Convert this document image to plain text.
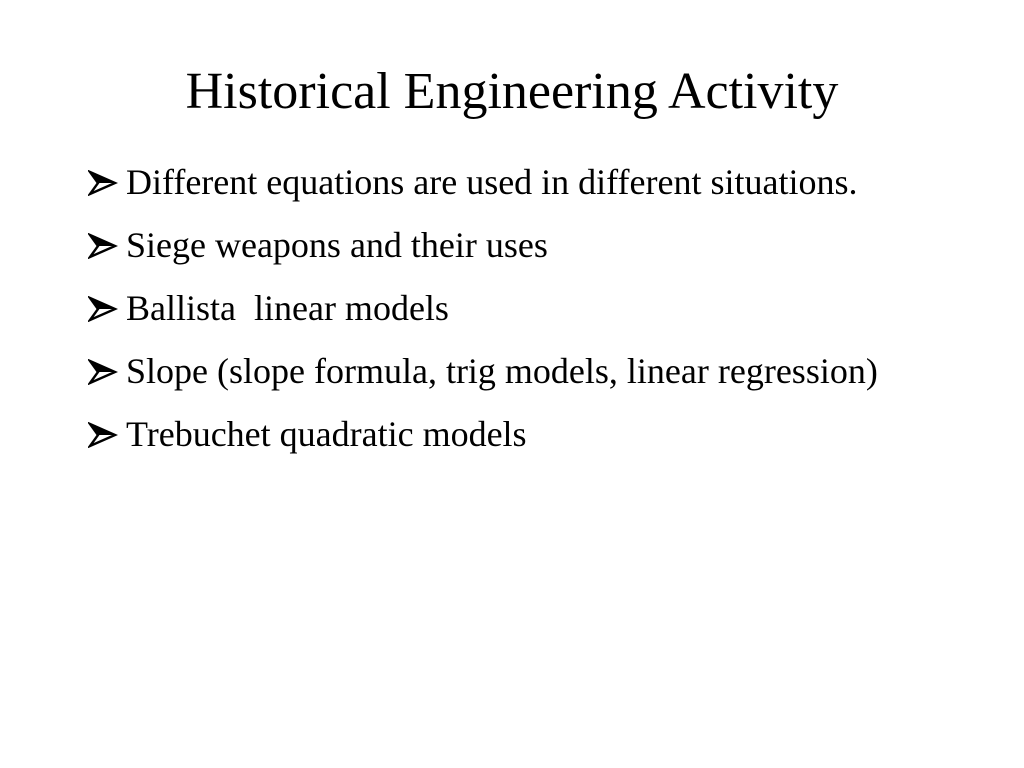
Historical Engineering Activity
Different equations are used in different situations.
Siege weapons and their uses
Ballista  linear models
Slope (slope formula, trig models, linear regression)
Trebuchet quadratic models
